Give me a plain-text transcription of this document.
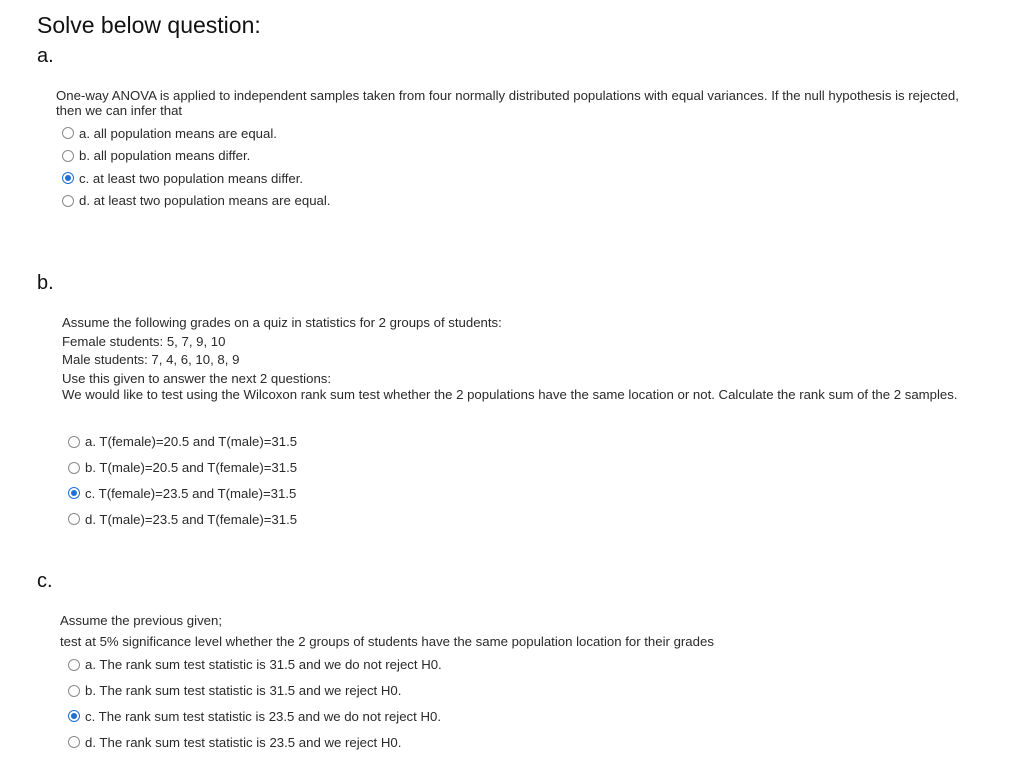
Solve below question:
a.
One-way ANOVA is applied to independent samples taken from four normally distributed populations with equal variances. If the null hypothesis is rejected, then we can infer that
a. all population means are equal.
b. all population means differ.
c. at least two population means differ.
d. at least two population means are equal.
b.
Assume the following grades on a quiz in statistics for 2 groups of students:
Female students: 5, 7, 9, 10
Male students: 7, 4, 6, 10, 8, 9
Use this given to answer the next 2 questions:
We would like to test using the Wilcoxon rank sum test whether the 2 populations have the same location or not. Calculate the rank sum of the 2 samples.
a. T(female)=20.5 and T(male)=31.5
b. T(male)=20.5 and T(female)=31.5
c. T(female)=23.5 and T(male)=31.5
d. T(male)=23.5 and T(female)=31.5
c.
Assume the previous given;
test at 5% significance level whether the 2 groups of students have the same population location for their grades
a. The rank sum test statistic is 31.5 and we do not reject H0.
b. The rank sum test statistic is 31.5 and we reject H0.
c. The rank sum test statistic is 23.5 and we do not reject H0.
d. The rank sum test statistic is 23.5 and we reject H0.
